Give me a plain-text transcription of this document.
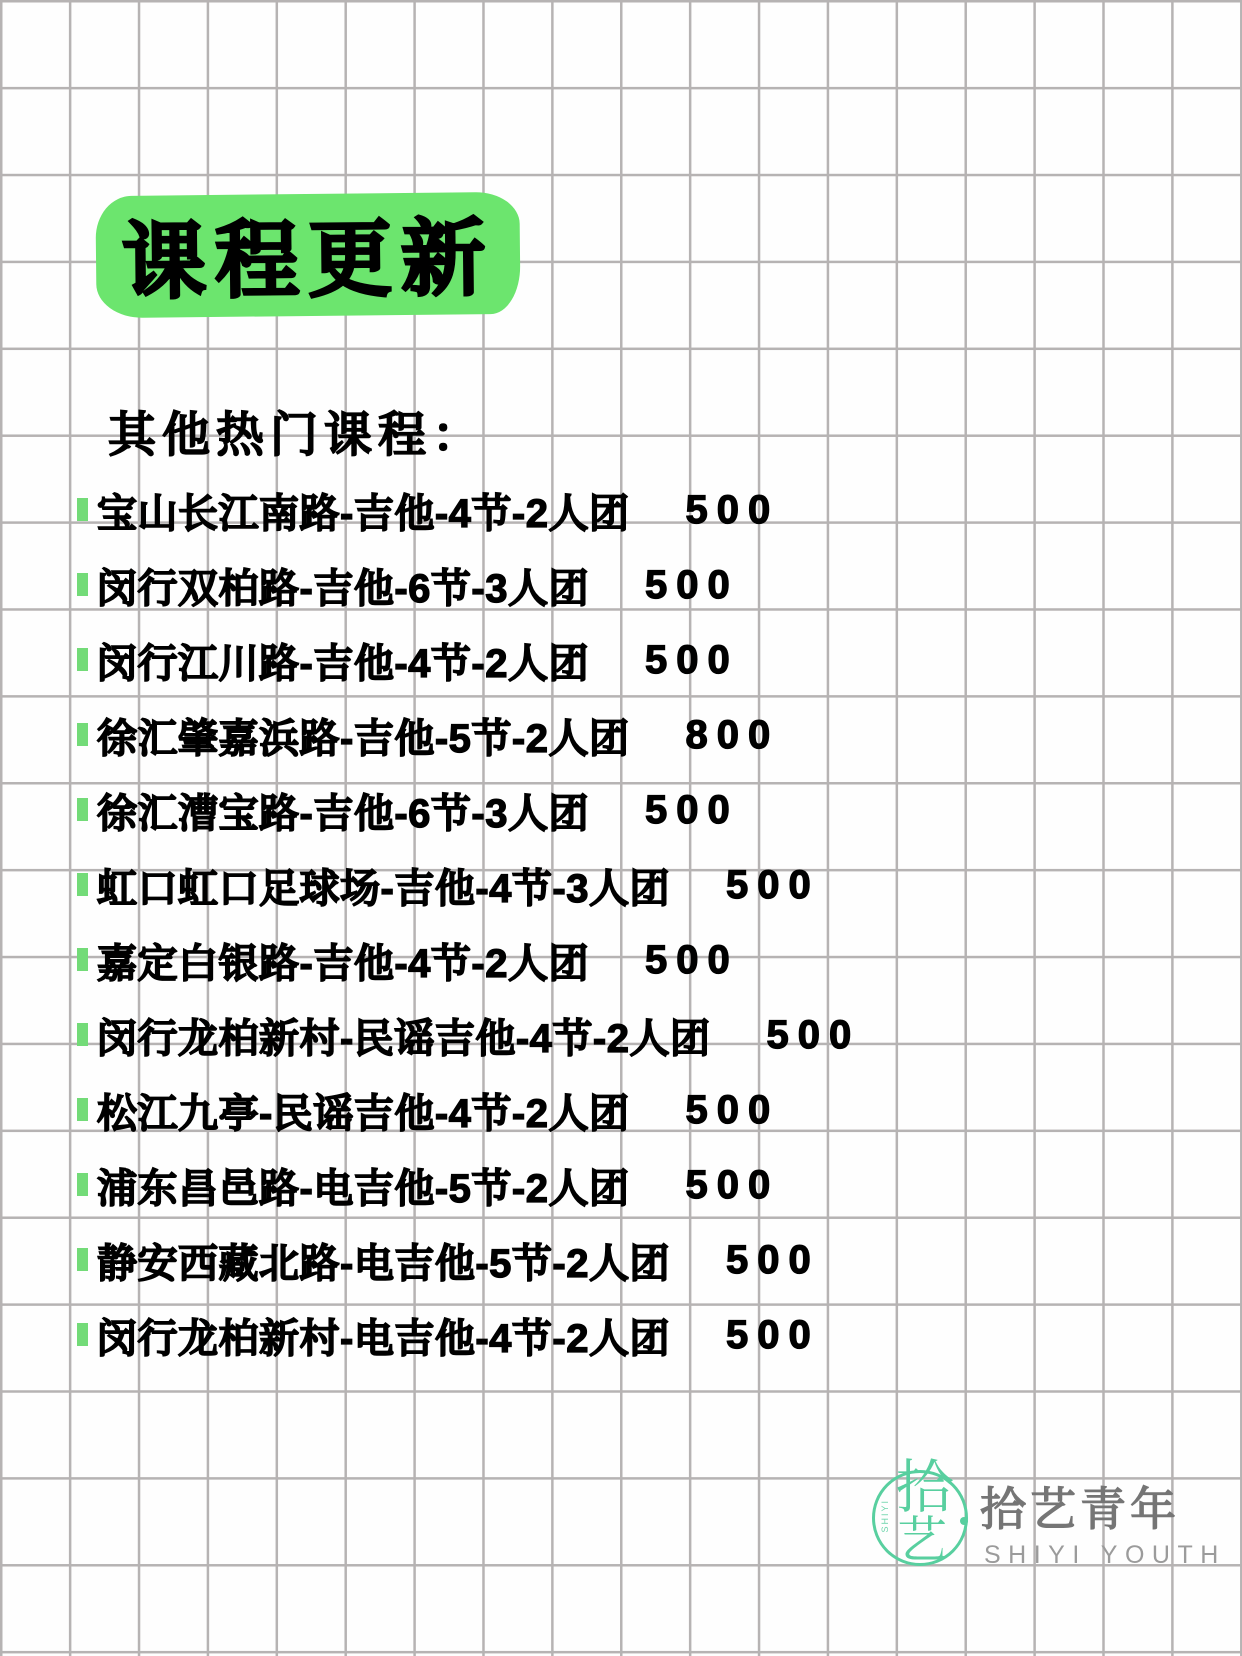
课程更新
其他热门课程：
宝山长江南路-吉他-4节-2人团 500
闵行双柏路-吉他-6节-3人团 500
闵行江川路-吉他-4节-2人团 500
徐汇肇嘉浜路-吉他-5节-2人团 800
徐汇漕宝路-吉他-6节-3人团 500
虹口虹口足球场-吉他-4节-3人团 500
嘉定白银路-吉他-4节-2人团 500
闵行龙柏新村-民谣吉他-4节-2人团 500
松江九亭-民谣吉他-4节-2人团 500
浦东昌邑路-电吉他-5节-2人团 500
静安西藏北路-电吉他-5节-2人团 500
闵行龙柏新村-电吉他-4节-2人团 500
拾
艺
SHIYI 拾艺青年
SHIYI YOUTH
